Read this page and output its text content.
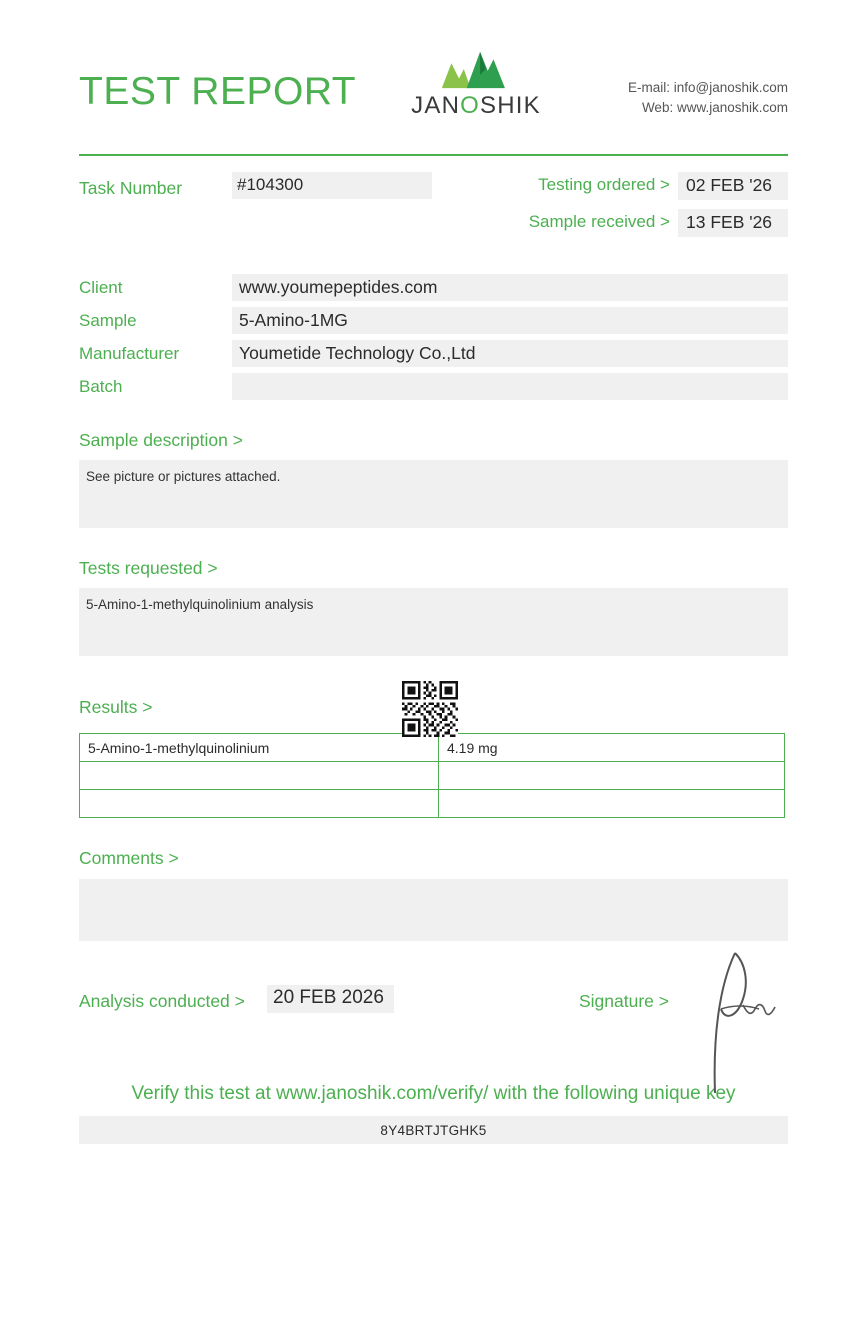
TEST REPORT	JANOSHIK
E-mail: info@janoshik.com
Web: www.janoshik.com
Task Number	#104300	Testing ordered > 02 FEB '26
Sample received > 13 FEB '26
Client	www.youmepeptides.com
Sample	5-Amino-1MG
Manufacturer	Youmetide Technology Co.,Ltd
Batch
Sample description >
See picture or pictures attached.
Tests requested >
5-Amino-1-methylquinolinium analysis
Results >
5-Amino-1-methylquinolinium	4.19 mg

Comments >
Analysis conducted >	20 FEB 2026	Signature >
Verify this test at www.janoshik.com/verify/ with the following unique key
8Y4BRTJTGHK5
